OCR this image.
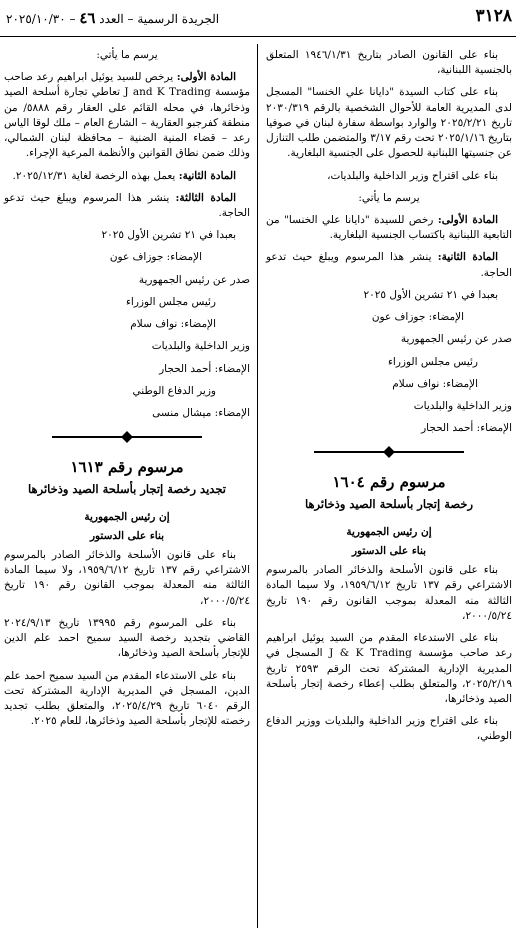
٣١٢٨
الجريدة الرسمية – العدد ٤٦ – ٢٠٢٥/١٠/٣٠

بناء على القانون الصادر بتاريخ ١٩٤٦/١/٣١ المتعلق بالجنسية اللبنانية،

بناء على كتاب السيدة "دايانا علي الخنسا" المسجل لدى المديرية العامة للأحوال الشخصية بالرقم ٢٠٣٠/٣١٩ تاريخ ٢٠٢٥/٢/٢١ والوارد بواسطة سفارة لبنان في صوفيا بتاريخ ٢٠٢٥/١/١٦ تحت رقم ٣/١٧ والمتضمن طلب التنازل عن جنسيتها اللبنانية للحصول على الجنسية البلغارية.

بناء على اقتراح وزير الداخلية والبلديات،

يرسم ما يأتي:

المادة الأولى: رخص للسيدة "دايانا علي الخنسا" من التابعية اللبنانية باكتساب الجنسية البلغارية.

المادة الثانية: ينشر هذا المرسوم ويبلغ حيث تدعو الحاجة.

بعبدا في ٢١ تشرين الأول ٢٠٢٥

الإمضاء: جوزاف عون

صدر عن رئيس الجمهورية

رئيس مجلس الوزراء

الإمضاء: نواف سلام

وزير الداخلية والبلديات

الإمضاء: أحمد الحجار

مرسوم رقم ١٦٠٤
رخصة إتجار بأسلحة الصيد وذخائرها
إن رئيس الجمهورية
بناء على الدستور

بناء على قانون الأسلحة والذخائر الصادر بالمرسوم الاشتراعي رقم ١٣٧ تاريخ ١٩٥٩/٦/١٢، ولا سيما المادة الثالثة منه المعدلة بموجب القانون رقم ١٩٠ تاريخ ٢٠٠٠/٥/٢٤،

بناء على الاستدعاء المقدم من السيد يوئيل ابراهيم رعد صاحب مؤسسة J & K Trading المسجل في المديرية الإدارية المشتركة تحت الرقم ٢٥٩٣ تاريخ ٢٠٢٥/٢/١٩، والمتعلق بطلب إعطاء رخصة إتجار بأسلحة الصيد وذخائرها،

بناء على اقتراح وزير الداخلية والبلديات ووزير الدفاع الوطني،

يرسم ما يأتي:

المادة الأولى: يرخص للسيد يوئيل ابراهيم رعد صاحب مؤسسة J and K Trading تعاطي تجارة أسلحة الصيد وذخائرها، في محله القائم على العقار رقم ٥٨٨٨/ من منطقة كفرجبو العقارية – الشارع العام – ملك لوقا الياس رعد – قضاء المنية الضنية – محافظة لبنان الشمالي، وذلك ضمن نطاق القوانين والأنظمة المرعية الإجراء.

المادة الثانية: يعمل بهذه الرخصة لغاية ٢٠٢٥/١٢/٣١.

المادة الثالثة: ينشر هذا المرسوم ويبلغ حيث تدعو الحاجة.

بعبدا في ٢١ تشرين الأول ٢٠٢٥

الإمضاء: جوزاف عون

صدر عن رئيس الجمهورية

رئيس مجلس الوزراء

الإمضاء: نواف سلام

وزير الداخلية والبلديات

الإمضاء: أحمد الحجار

وزير الدفاع الوطني

الإمضاء: ميشال منسى

مرسوم رقم ١٦١٣
تجديد رخصة إتجار بأسلحة الصيد وذخائرها
إن رئيس الجمهورية
بناء على الدستور

بناء على قانون الأسلحة والذخائر الصادر بالمرسوم الاشتراعي رقم ١٣٧ تاريخ ١٩٥٩/٦/١٢، ولا سيما المادة الثالثة منه المعدلة بموجب القانون رقم ١٩٠ تاريخ ٢٠٠٠/٥/٢٤،

بناء على المرسوم رقم ١٣٩٩٥ تاريخ ٢٠٢٤/٩/١٣ القاضي بتجديد رخصة السيد سميح احمد علم الدين للإتجار بأسلحة الصيد وذخائرها،

بناء على الاستدعاء المقدم من السيد سميح احمد علم الدين، المسجل في المديرية الإدارية المشتركة تحت الرقم ٦٠٤٠ تاريخ ٢٠٢٥/٤/٢٩، والمتعلق بطلب تجديد رخصته للإتجار بأسلحة الصيد وذخائرها، للعام ٢٠٢٥.
